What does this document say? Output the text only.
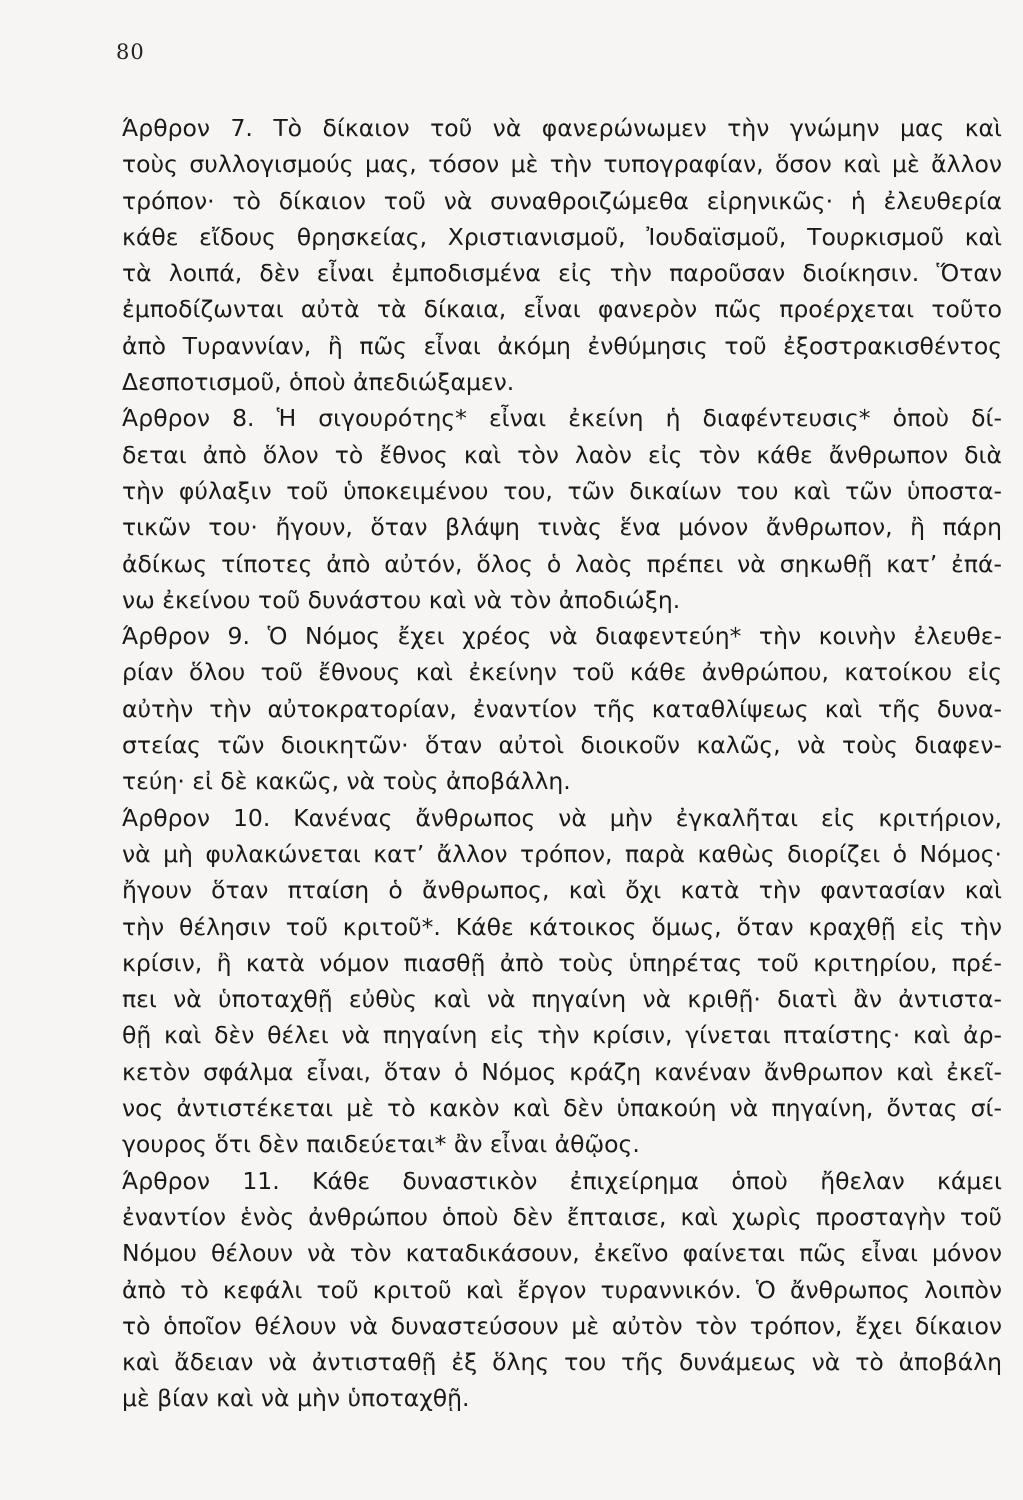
80
Άρθρον 7. Τὸ δίκαιον τοῦ νὰ φανερώνωμεν τὴν γνώμην μας καὶ
τοὺς συλλογισμούς μας, τόσον μὲ τὴν τυπογραφίαν, ὅσον καὶ μὲ ἄλλον
τρόπον· τὸ δίκαιον τοῦ νὰ συναθροιζώμεθα εἰρηνικῶς· ἡ ἐλευθερία
κάθε εἴδους θρησκείας, Χριστιανισμοῦ, Ἰουδαϊσμοῦ, Τουρκισμοῦ καὶ
τὰ λοιπά, δὲν εἶναι ἐμποδισμένα εἰς τὴν παροῦσαν διοίκησιν. Ὅταν
ἐμποδίζωνται αὐτὰ τὰ δίκαια, εἶναι φανερὸν πῶς προέρχεται τοῦτο
ἀπὸ Τυραννίαν, ἢ πῶς εἶναι ἀκόμη ἐνθύμησις τοῦ ἐξοστρακισθέντος
Δεσποτισμοῦ, ὁποὺ ἀπεδιώξαμεν.
Άρθρον 8. Ἡ σιγουρότης* εἶναι ἐκείνη ἡ διαφέντευσις* ὁποὺ δί-
δεται ἀπὸ ὅλον τὸ ἔθνος καὶ τὸν λαὸν εἰς τὸν κάθε ἄνθρωπον διὰ
τὴν φύλαξιν τοῦ ὑποκειμένου του, τῶν δικαίων του καὶ τῶν ὑποστα-
τικῶν του· ἤγουν, ὅταν βλάψη τινὰς ἕνα μόνον ἄνθρωπον, ἢ πάρη
ἀδίκως τίποτες ἀπὸ αὐτόν, ὅλος ὁ λαὸς πρέπει νὰ σηκωθῇ κατ’ ἐπά-
νω ἐκείνου τοῦ δυνάστου καὶ νὰ τὸν ἀποδιώξη.
Άρθρον 9. Ὁ Νόμος ἔχει χρέος νὰ διαφεντεύη* τὴν κοινὴν ἐλευθε-
ρίαν ὅλου τοῦ ἔθνους καὶ ἐκείνην τοῦ κάθε ἀνθρώπου, κατοίκου εἰς
αὐτὴν τὴν αὐτοκρατορίαν, ἐναντίον τῆς καταθλίψεως καὶ τῆς δυνα-
στείας τῶν διοικητῶν· ὅταν αὐτοὶ διοικοῦν καλῶς, νὰ τοὺς διαφεν-
τεύη· εἰ δὲ κακῶς, νὰ τοὺς ἀποβάλλη.
Άρθρον 10. Κανένας ἄνθρωπος νὰ μὴν ἐγκαλῆται εἰς κριτήριον,
νὰ μὴ φυλακώνεται κατ’ ἄλλον τρόπον, παρὰ καθὼς διορίζει ὁ Νόμος·
ἤγουν ὅταν πταίση ὁ ἄνθρωπος, καὶ ὄχι κατὰ τὴν φαντασίαν καὶ
τὴν θέλησιν τοῦ κριτοῦ*. Κάθε κάτοικος ὅμως, ὅταν κραχθῇ εἰς τὴν
κρίσιν, ἢ κατὰ νόμον πιασθῇ ἀπὸ τοὺς ὑπηρέτας τοῦ κριτηρίου, πρέ-
πει νὰ ὑποταχθῇ εὐθὺς καὶ νὰ πηγαίνη νὰ κριθῇ· διατὶ ἂν ἀντιστα-
θῇ καὶ δὲν θέλει νὰ πηγαίνη εἰς τὴν κρίσιν, γίνεται πταίστης· καὶ ἀρ-
κετὸν σφάλμα εἶναι, ὅταν ὁ Νόμος κράζη κανέναν ἄνθρωπον καὶ ἐκεῖ-
νος ἀντιστέκεται μὲ τὸ κακὸν καὶ δὲν ὑπακούη νὰ πηγαίνη, ὄντας σί-
γουρος ὅτι δὲν παιδεύεται* ἂν εἶναι ἀθῷος.
Άρθρον 11. Κάθε δυναστικὸν ἐπιχείρημα ὁποὺ ἤθελαν κάμει
ἐναντίον ἑνὸς ἀνθρώπου ὁποὺ δὲν ἔπταισε, καὶ χωρὶς προσταγὴν τοῦ
Νόμου θέλουν νὰ τὸν καταδικάσουν, ἐκεῖνο φαίνεται πῶς εἶναι μόνον
ἀπὸ τὸ κεφάλι τοῦ κριτοῦ καὶ ἔργον τυραννικόν. Ὁ ἄνθρωπος λοιπὸν
τὸ ὁποῖον θέλουν νὰ δυναστεύσουν μὲ αὐτὸν τὸν τρόπον, ἔχει δίκαιον
καὶ ἄδειαν νὰ ἀντισταθῇ ἐξ ὅλης του τῆς δυνάμεως νὰ τὸ ἀποβάλη
μὲ βίαν καὶ νὰ μὴν ὑποταχθῇ.
